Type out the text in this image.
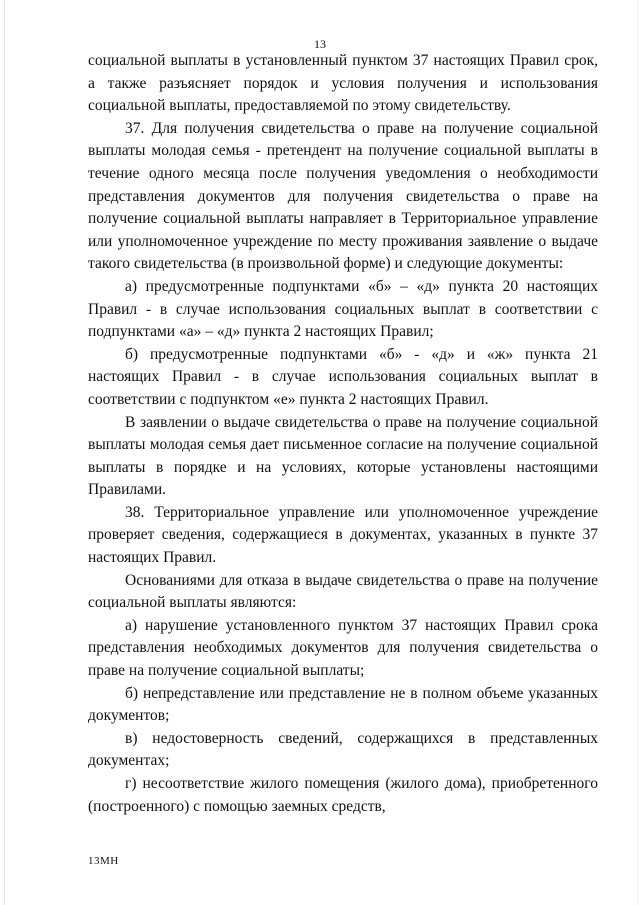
13

социальной выплаты в установленный пунктом 37 настоящих Правил срок, а также разъясняет порядок и условия получения и использования социальной выплаты, предоставляемой по этому свидетельству.

37. Для получения свидетельства о праве на получение социальной выплаты молодая семья - претендент на получение социальной выплаты в течение одного месяца после получения уведомления о необходимости представления документов для получения свидетельства о праве на получение социальной выплаты направляет в Территориальное управление или уполномоченное учреждение по месту проживания заявление о выдаче такого свидетельства (в произвольной форме) и следующие документы:

а) предусмотренные подпунктами «б» – «д» пункта 20 настоящих Правил - в случае использования социальных выплат в соответствии с подпунктами «а» – «д» пункта 2 настоящих Правил;

б) предусмотренные подпунктами «б» - «д» и «ж» пункта 21 настоящих Правил - в случае использования социальных выплат в соответствии с подпунктом «е» пункта 2 настоящих Правил.

В заявлении о выдаче свидетельства о праве на получение социальной выплаты молодая семья дает письменное согласие на получение социальной выплаты в порядке и на условиях, которые установлены настоящими Правилами.

38. Территориальное управление или уполномоченное учреждение проверяет сведения, содержащиеся в документах, указанных в пункте 37 настоящих Правил.

Основаниями для отказа в выдаче свидетельства о праве на получение социальной выплаты являются:

а) нарушение установленного пунктом 37 настоящих Правил срока представления необходимых документов для получения свидетельства о праве на получение социальной выплаты;

б) непредставление или представление не в полном объеме указанных документов;

в) недостоверность сведений, содержащихся в представленных документах;

г) несоответствие жилого помещения (жилого дома), приобретенного (построенного) с помощью заемных средств,

13МН
